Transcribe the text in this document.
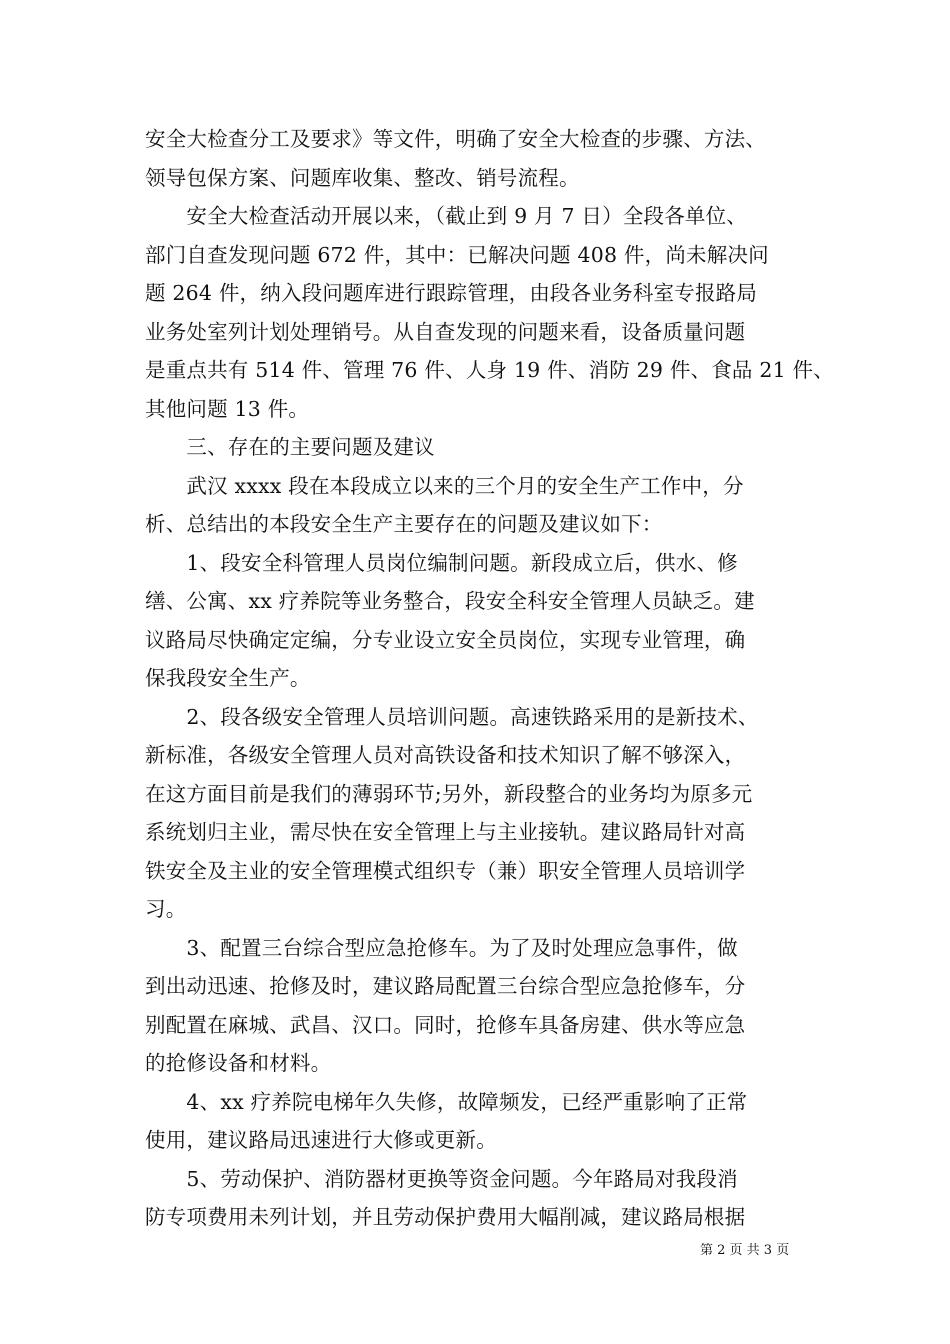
安全大检查分工及要求》等文件，明确了安全大检查的步骤、方法、
领导包保方案、问题库收集、整改、销号流程。
　　安全大检查活动开展以来，（截止到 9 月 7 日）全段各单位、
部门自查发现问题 672 件，其中：已解决问题 408 件，尚未解决问
题 264 件，纳入段问题库进行跟踪管理，由段各业务科室专报路局
业务处室列计划处理销号。从自查发现的问题来看，设备质量问题
是重点共有 514 件、管理 76 件、人身 19 件、消防 29 件、食品 21 件、
其他问题 13 件。
　　三、存在的主要问题及建议
　　武汉 xxxx 段在本段成立以来的三个月的安全生产工作中，分
析、总结出的本段安全生产主要存在的问题及建议如下：
　　1、段安全科管理人员岗位编制问题。新段成立后，供水、修
缮、公寓、xx 疗养院等业务整合，段安全科安全管理人员缺乏。建
议路局尽快确定定编，分专业设立安全员岗位，实现专业管理，确
保我段安全生产。
　　2、段各级安全管理人员培训问题。高速铁路采用的是新技术、
新标准，各级安全管理人员对高铁设备和技术知识了解不够深入，
在这方面目前是我们的薄弱环节;另外，新段整合的业务均为原多元
系统划归主业，需尽快在安全管理上与主业接轨。建议路局针对高
铁安全及主业的安全管理模式组织专（兼）职安全管理人员培训学
习。
　　3、配置三台综合型应急抢修车。为了及时处理应急事件，做
到出动迅速、抢修及时，建议路局配置三台综合型应急抢修车，分
别配置在麻城、武昌、汉口。同时，抢修车具备房建、供水等应急
的抢修设备和材料。
　　4、xx 疗养院电梯年久失修，故障频发，已经严重影响了正常
使用，建议路局迅速进行大修或更新。
　　5、劳动保护、消防器材更换等资金问题。今年路局对我段消
防专项费用未列计划，并且劳动保护费用大幅削减，建议路局根据
第 2 页 共 3 页
